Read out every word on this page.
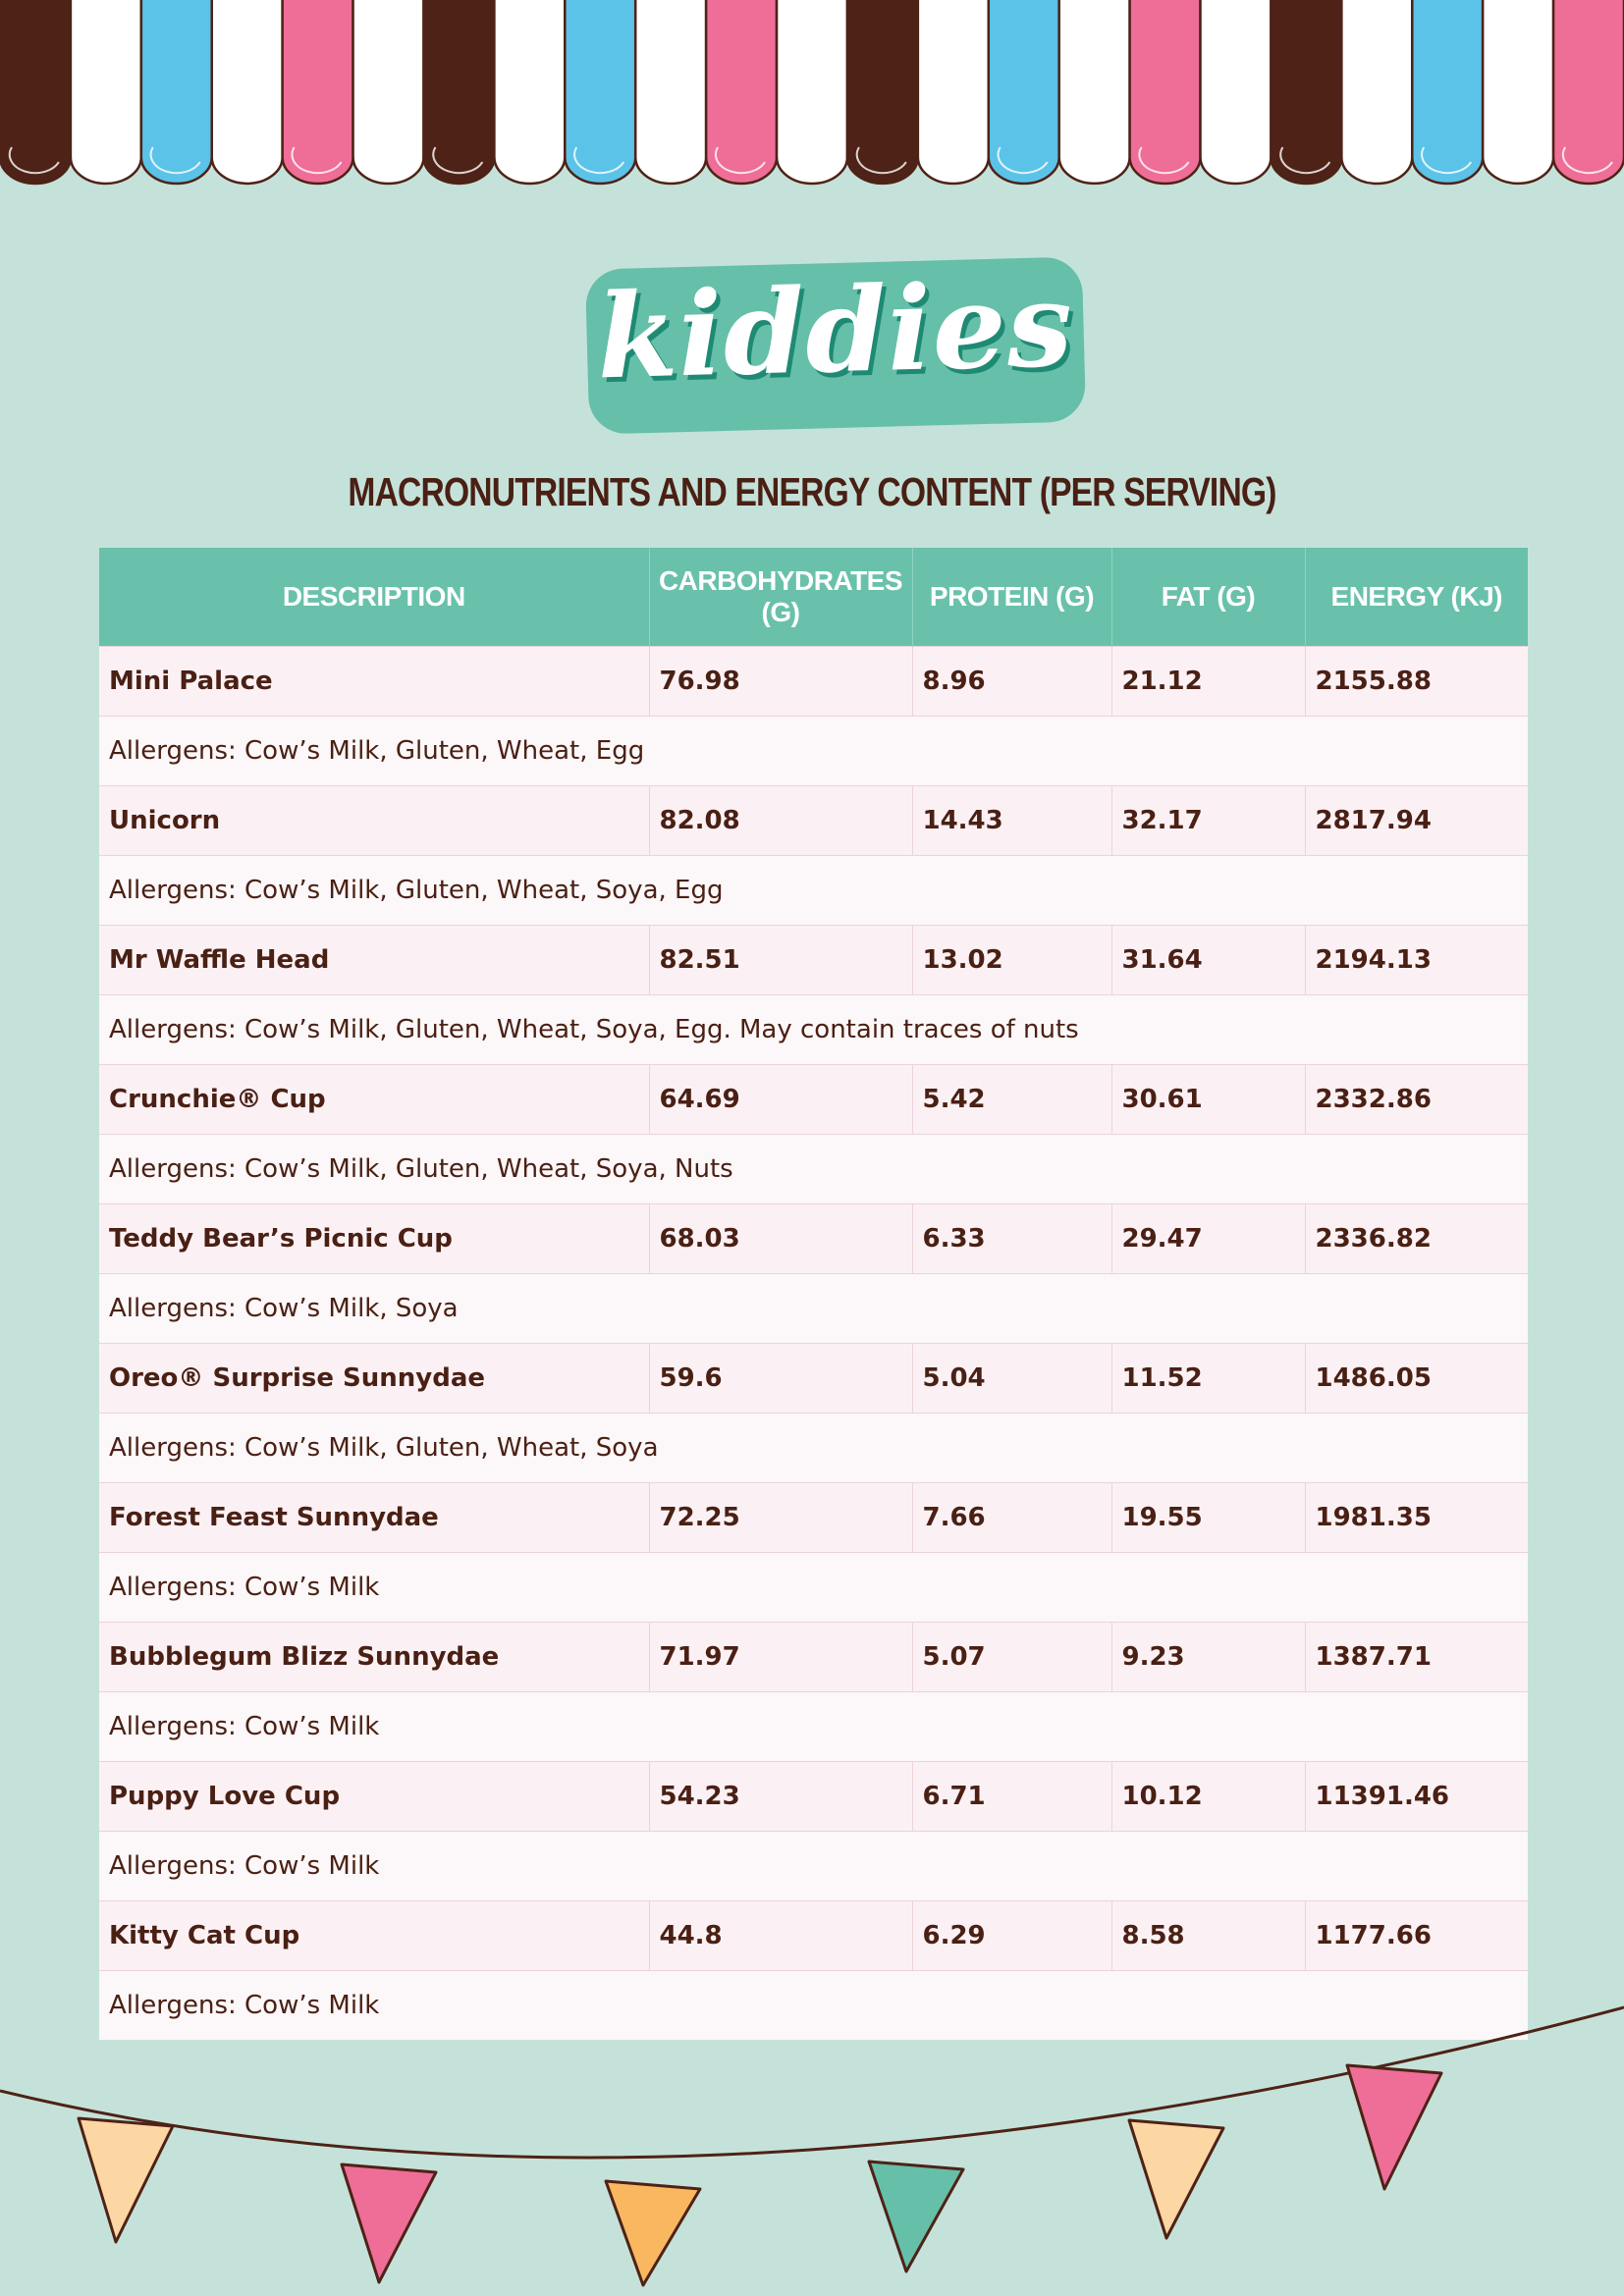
kiddies
MACRONUTRIENTS AND ENERGY CONTENT (PER SERVING)
DESCRIPTION	CARBOHYDRATES (G)	PROTEIN (G)	FAT (G)	ENERGY (KJ)
Mini Palace	76.98	8.96	21.12	2155.88
Allergens: Cow’s Milk, Gluten, Wheat, Egg				
Unicorn	82.08	14.43	32.17	2817.94
Allergens: Cow’s Milk, Gluten, Wheat, Soya, Egg				
Mr Waffle Head	82.51	13.02	31.64	2194.13
Allergens: Cow’s Milk, Gluten, Wheat, Soya, Egg. May contain traces of nuts				
Crunchie® Cup	64.69	5.42	30.61	2332.86
Allergens: Cow’s Milk, Gluten, Wheat, Soya, Nuts				
Teddy Bear’s Picnic Cup	68.03	6.33	29.47	2336.82
Allergens: Cow’s Milk, Soya				
Oreo® Surprise Sunnydae	59.6	5.04	11.52	1486.05
Allergens: Cow’s Milk, Gluten, Wheat, Soya				
Forest Feast Sunnydae	72.25	7.66	19.55	1981.35
Allergens: Cow’s Milk				
Bubblegum Blizz Sunnydae	71.97	5.07	9.23	1387.71
Allergens: Cow’s Milk				
Puppy Love Cup	54.23	6.71	10.12	11391.46
Allergens: Cow’s Milk				
Kitty Cat Cup	44.8	6.29	8.58	1177.66
Allergens: Cow’s Milk				
